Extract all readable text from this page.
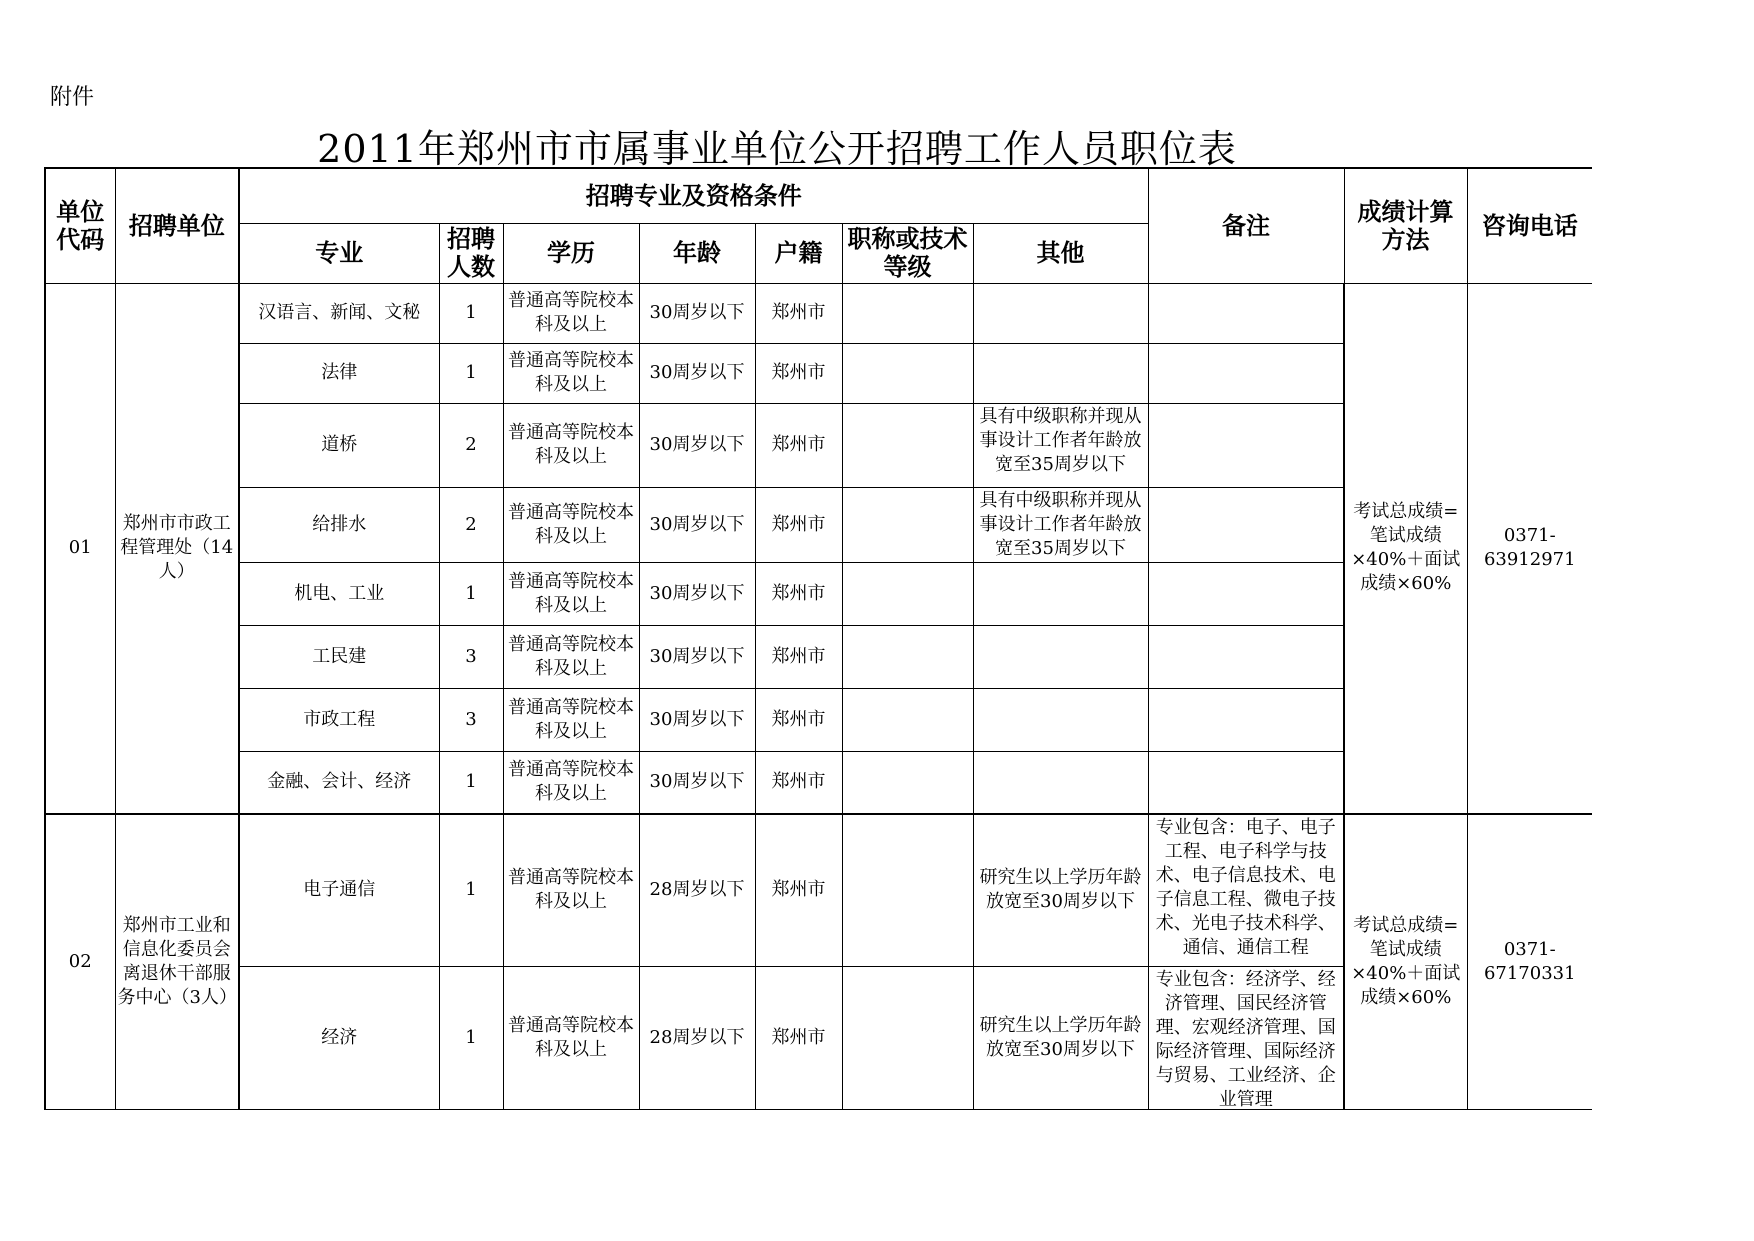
附件
2011年郑州市市属事业单位公开招聘工作人员职位表
单位代码	招聘单位	招聘专业及资格条件							备注	成绩计算方法	咨询电话
		专业	招聘人数	学历	年龄	户籍	职称或技术等级	其他			
01	郑州市市政工程管理处（14人）	汉语言、新闻、文秘	1	普通高等院校本科及以上	30周岁以下	郑州市				考试总成绩=笔试成绩×40%＋面试成绩×60%	0371-63912971
		法律	1	普通高等院校本科及以上	30周岁以下	郑州市					
		道桥	2	普通高等院校本科及以上	30周岁以下	郑州市		具有中级职称并现从事设计工作者年龄放宽至35周岁以下			

		给排水	2	普通高等院校本科及以上	30周岁以下	郑州市		具有中级职称并现从事设计工作者年龄放宽至35周岁以下			

		机电、工业	1	普通高等院校本科及以上	30周岁以下	郑州市					
		工民建	3	普通高等院校本科及以上	30周岁以下	郑州市					
		市政工程	3	普通高等院校本科及以上	30周岁以下	郑州市					
		金融、会计、经济	1	普通高等院校本科及以上	30周岁以下	郑州市					
02	郑州市工业和信息化委员会离退休干部服务中心（3人）	电子通信	1	普通高等院校本科及以上	28周岁以下	郑州市		研究生以上学历年龄放宽至30周岁以下	专业包含：电子、电子工程、电子科学与技术、电子信息技术、电子信息工程、微电子技术、光电子技术科学、通信、通信工程	考试总成绩=笔试成绩×40%＋面试成绩×60%	0371-67170331
		经济	1	普通高等院校本科及以上	28周岁以下	郑州市		研究生以上学历年龄放宽至30周岁以下	专业包含：经济学、经济管理、国民经济管理、宏观经济管理、国际经济管理、国际经济与贸易、工业经济、企业管理		
